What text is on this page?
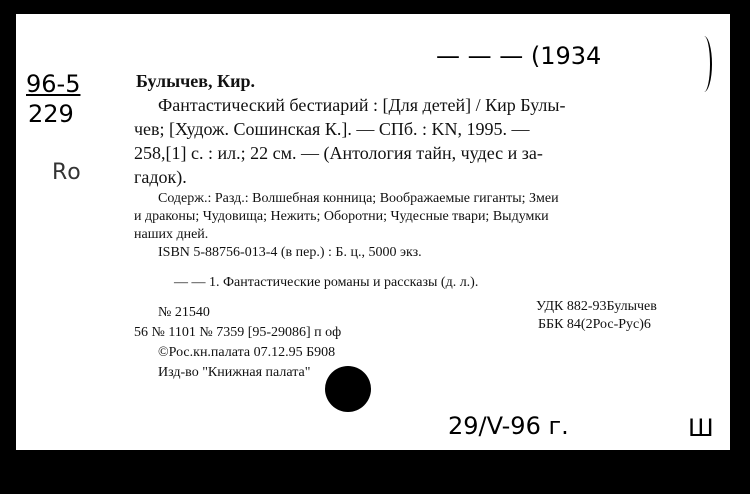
— — — (1934
96-5
229
Rо
Булычев, Кир.
Фантастический бестиарий : [Для детей] / Кир Булы-
чев; [Худож. Сошинская К.]. — СПб. : KN, 1995. —
258,[1] с. : ил.; 22 см. — (Антология тайн, чудес и за-
гадок).
Содерж.: Разд.: Волшебная конница; Воображаемые гиганты; Змеи
и драконы; Чудовища; Нежить; Оборотни; Чудесные твари; Выдумки
наших дней.
ISBN 5-88756-013-4 (в пер.) : Б. ц., 5000 экз.
— — 1. Фантастические романы и рассказы (д. л.).
№ 21540
56 № 1101 № 7359 [95-29086] п оф
©Рос.кн.палата 07.12.95 Б908
Изд-во "Книжная палата"
УДК 882-93Булычев
ББК 84(2Рос-Рус)6
29/V-96 г.	Ш
